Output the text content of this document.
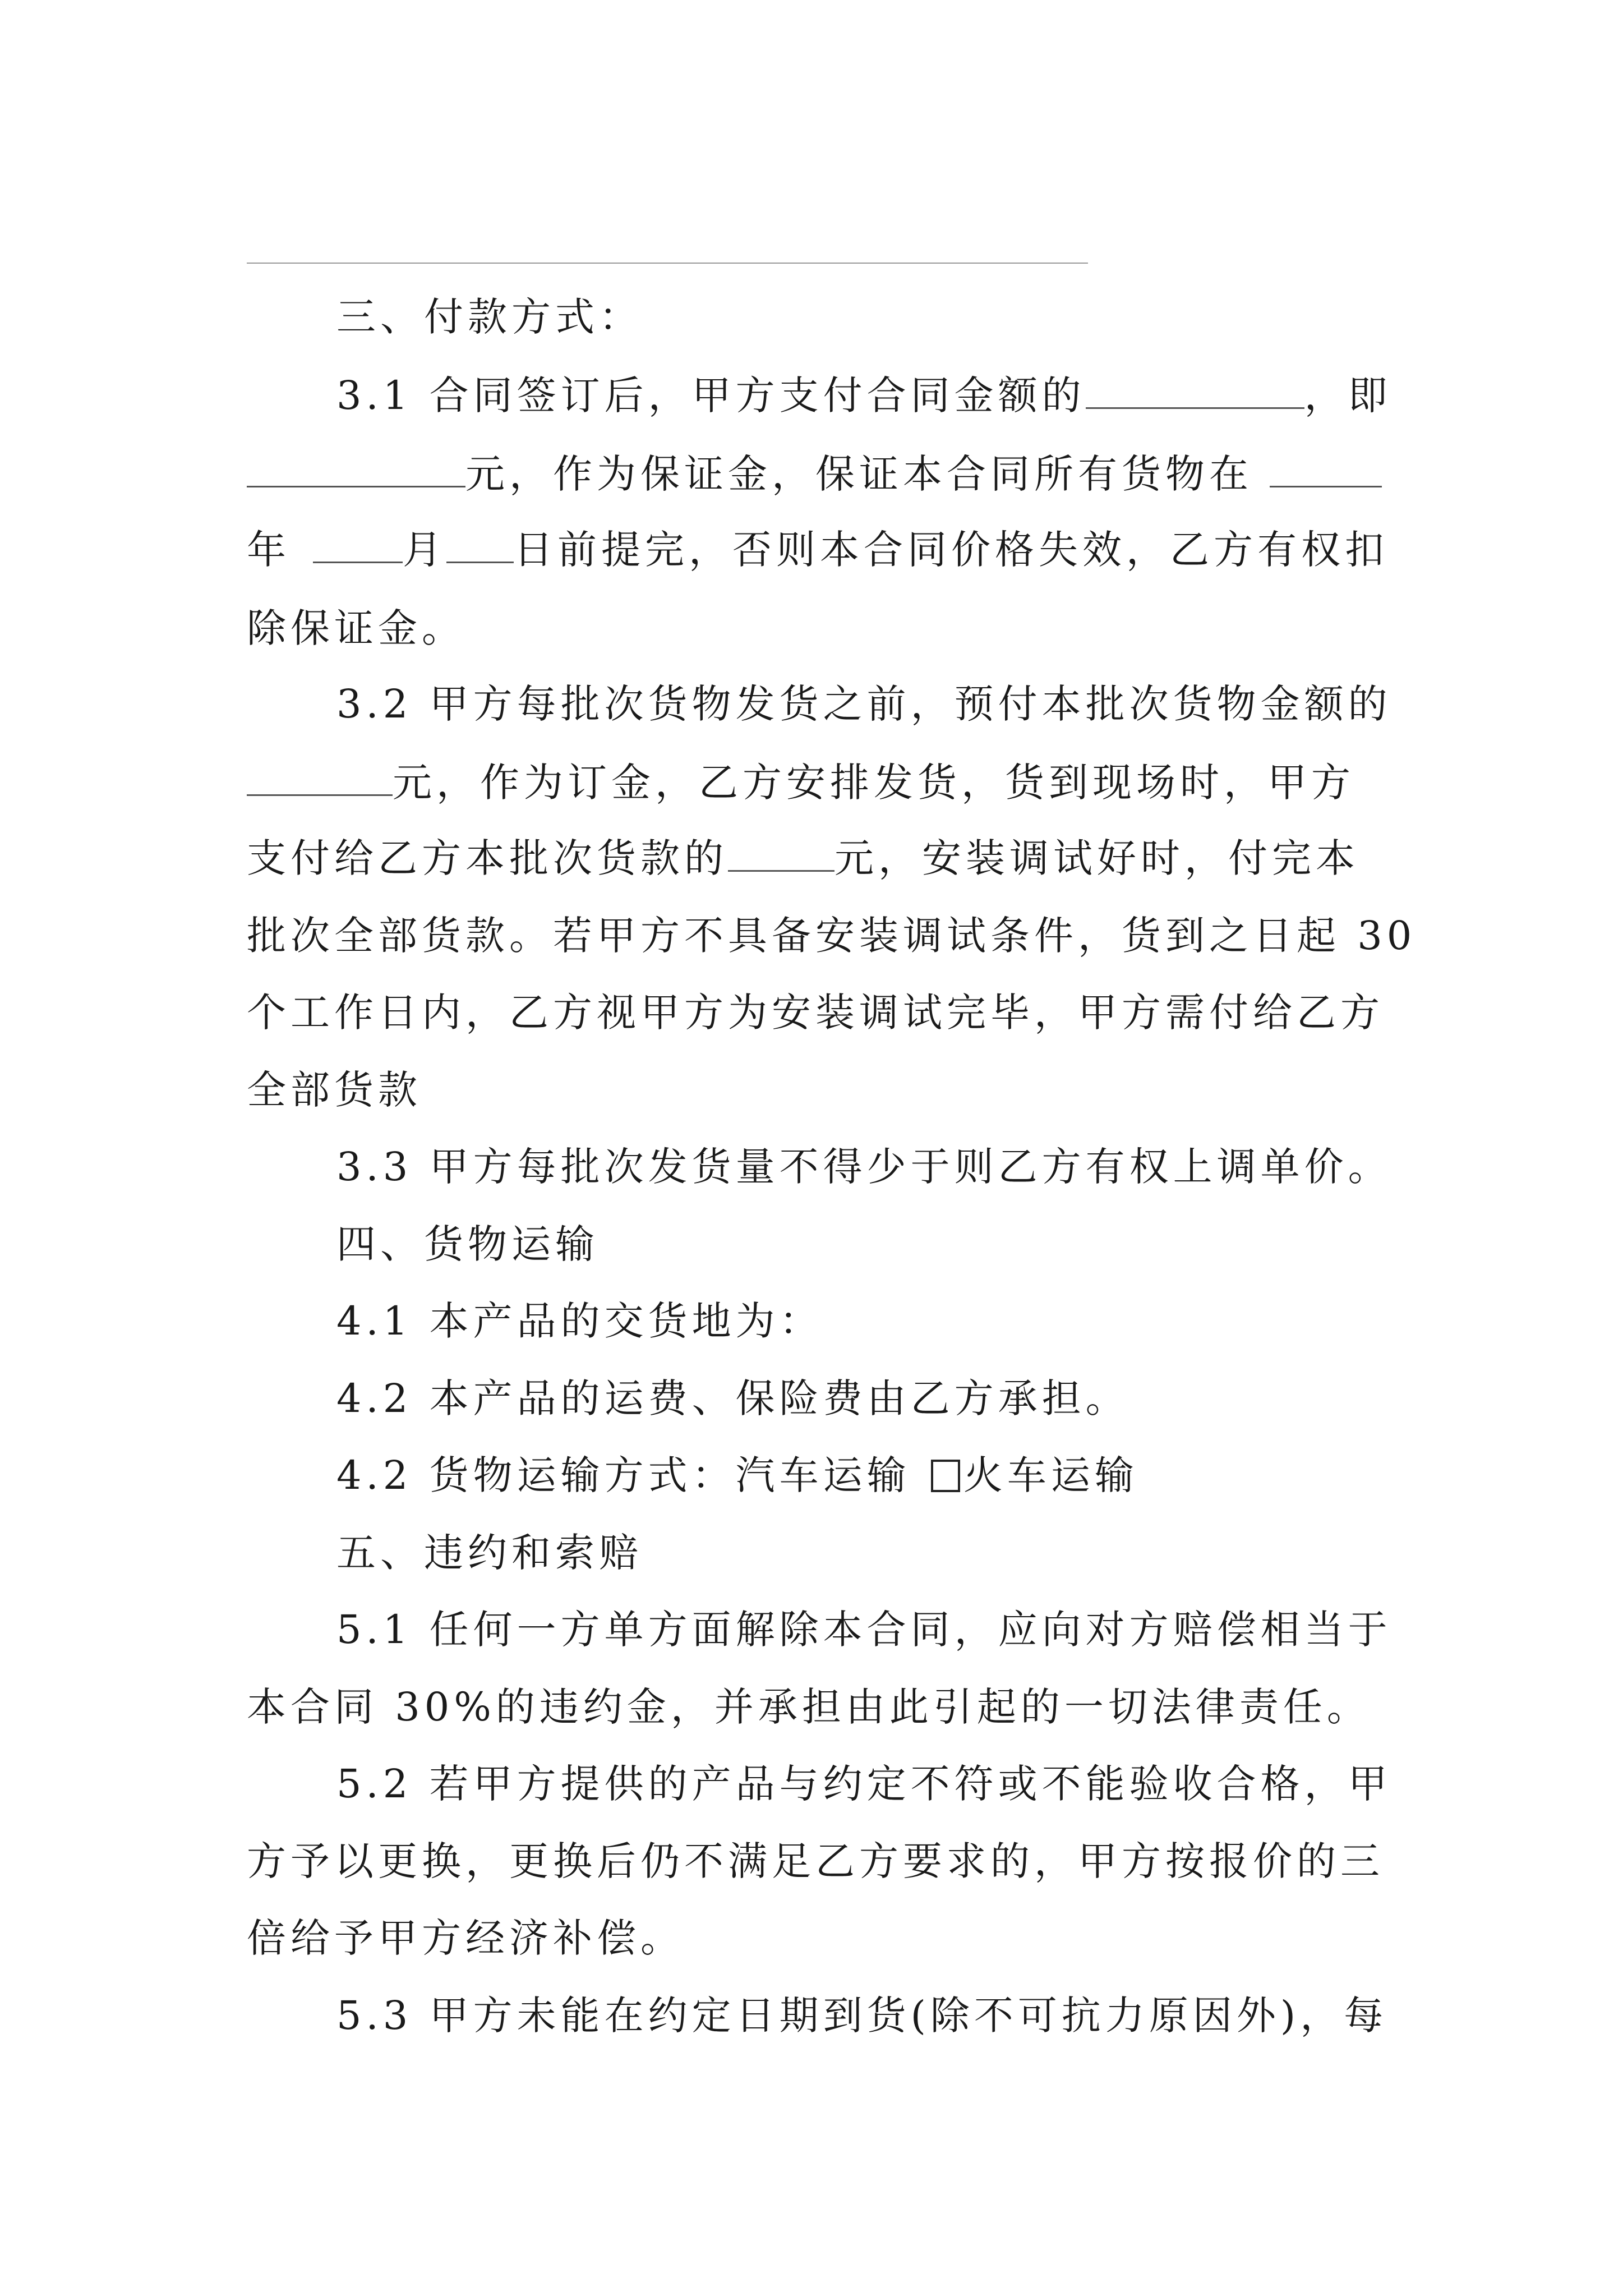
三、付款方式：
3.1 合同签订后，甲方支付合同金额的	，即
元，作为保证金，保证本合同所有货物在
年	月 日前提完，否则本合同价格失效，乙方有权扣
除保证金。
3.2 甲方每批次货物发货之前，预付本批次货物金额的
元，作为订金，乙方安排发货，货到现场时，甲方
支付给乙方本批次货款的	元，安装调试好时，付完本
批次全部货款。若甲方不具备安装调试条件，货到之日起 30
个工作日内，乙方视甲方为安装调试完毕，甲方需付给乙方
全部货款
3.3 甲方每批次发货量不得少于则乙方有权上调单价。
四、货物运输
4.1 本产品的交货地为：
4.2 本产品的运费、保险费由乙方承担。
4.2 货物运输方式：汽车运输 火车运输
五、违约和索赔
5.1 任何一方单方面解除本合同，应向对方赔偿相当于
本合同 30%的违约金，并承担由此引起的一切法律责任。
5.2 若甲方提供的产品与约定不符或不能验收合格，甲
方予以更换，更换后仍不满足乙方要求的，甲方按报价的三
倍给予甲方经济补偿。
5.3 甲方未能在约定日期到货(除不可抗力原因外)，每
